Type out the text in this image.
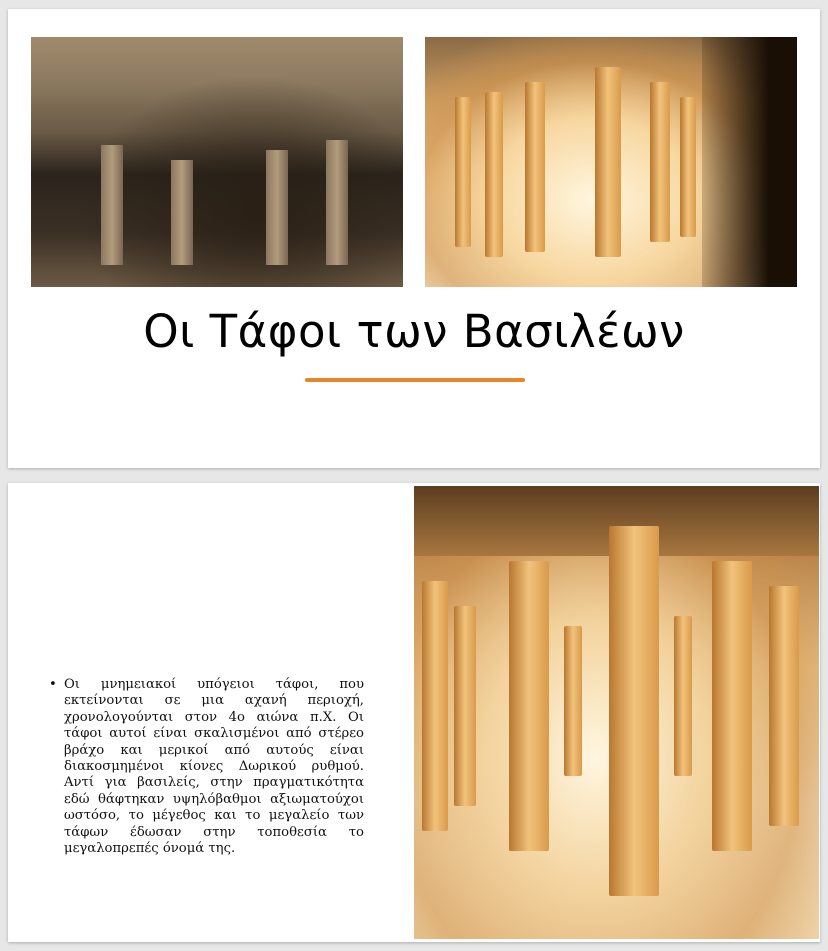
Οι Τάφοι των Βασιλέων
• Οι μνημειακοί υπόγειοι τάφοι, που εκτείνονται σε μια αχανή περιοχή, χρονολογούνται στον 4ο αιώνα π.Χ. Οι τάφοι αυτοί είναι σκαλισμένοι από στέρεο βράχο και μερικοί από αυτούς είναι διακοσμημένοι κίονες Δωρικού ρυθμού. Αντί για βασιλείς, στην πραγματικότητα εδώ θάφτηκαν υψηλόβαθμοι αξιωματούχοι ωστόσο, το μέγεθος και το μεγαλείο των τάφων έδωσαν στην τοποθεσία το μεγαλοπρεπές όνομά της.
